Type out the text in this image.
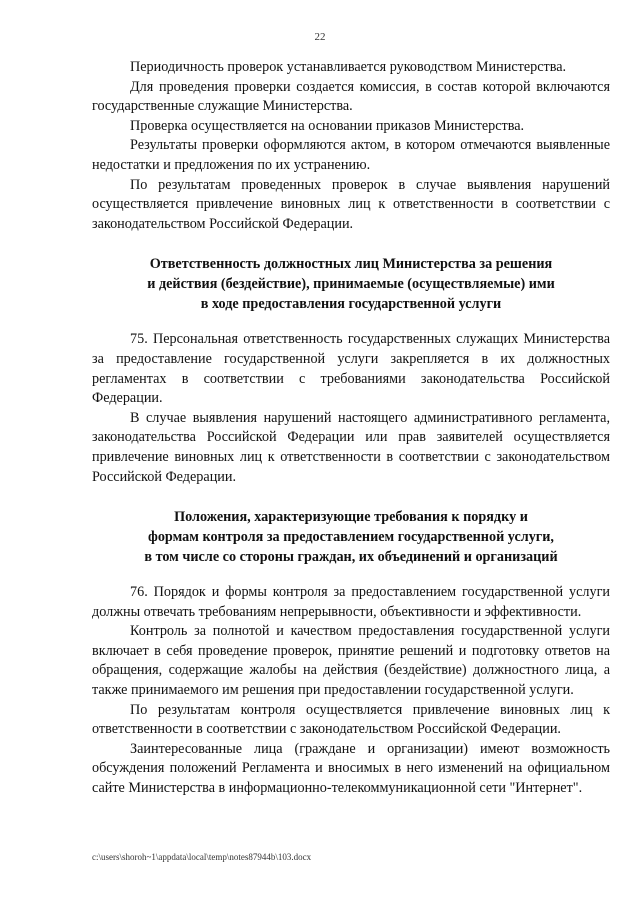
22

Периодичность проверок устанавливается руководством Министерства.

Для проведения проверки создается комиссия, в состав которой включаются государственные служащие Министерства.

Проверка осуществляется на основании приказов Министерства.

Результаты проверки оформляются актом, в котором отмечаются выявленные недостатки и предложения по их устранению.

По результатам проведенных проверок в случае выявления нарушений осуществляется привлечение виновных лиц к ответственности в соответствии с законодательством Российской Федерации.

Ответственность должностных лиц Министерства за решения

и действия (бездействие), принимаемые (осуществляемые) ими

в ходе предоставления государственной услуги

75. Персональная ответственность государственных служащих Министерства за предоставление государственной услуги закрепляется в их должностных регламентах в соответствии с требованиями законодательства Российской Федерации.

В случае выявления нарушений настоящего административного регламента, законодательства Российской Федерации или прав заявителей осуществляется привлечение виновных лиц к ответственности в соответствии с законодательством Российской Федерации.

Положения, характеризующие требования к порядку и

формам контроля за предоставлением государственной услуги,

в том числе со стороны граждан, их объединений и организаций

76. Порядок и формы контроля за предоставлением государственной услуги должны отвечать требованиям непрерывности, объективности и эффективности.

Контроль за полнотой и качеством предоставления государственной услуги включает в себя проведение проверок, принятие решений и подготовку ответов на обращения, содержащие жалобы на действия (бездействие) должностного лица, а также принимаемого им решения при предоставлении государственной услуги.

По результатам контроля осуществляется привлечение виновных лиц к ответственности в соответствии с законодательством Российской Федерации.

Заинтересованные лица (граждане и организации) имеют возможность обсуждения положений Регламента и вносимых в него изменений на официальном сайте Министерства в информационно-телекоммуникационной сети "Интернет".

c:\users\shoroh~1\appdata\local\temp\notes87944b\103.docx
